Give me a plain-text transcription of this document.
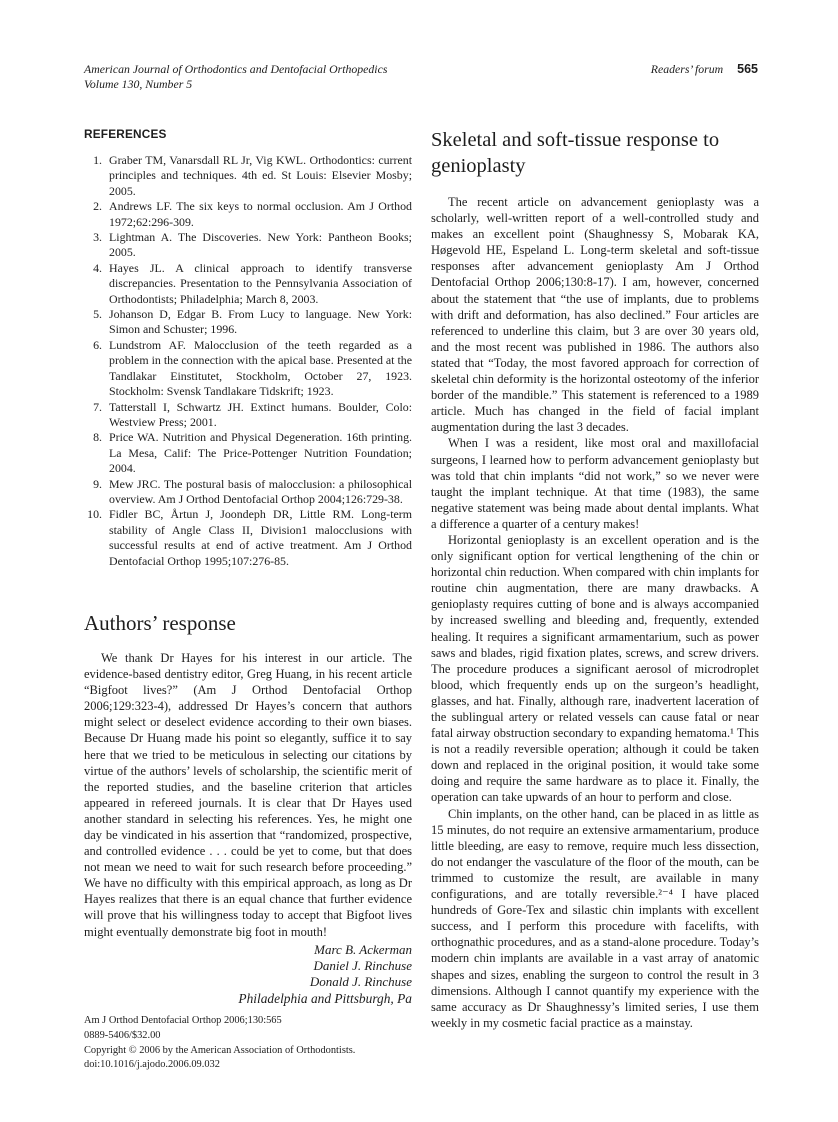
American Journal of Orthodontics and Dentofacial Orthopedics
Volume 130, Number 5
Readers’ forum 565
REFERENCES
1. Graber TM, Vanarsdall RL Jr, Vig KWL. Orthodontics: current principles and techniques. 4th ed. St Louis: Elsevier Mosby; 2005.
2. Andrews LF. The six keys to normal occlusion. Am J Orthod 1972;62:296-309.
3. Lightman A. The Discoveries. New York: Pantheon Books; 2005.
4. Hayes JL. A clinical approach to identify transverse discrepancies. Presentation to the Pennsylvania Association of Orthodontists; Philadelphia; March 8, 2003.
5. Johanson D, Edgar B. From Lucy to language. New York: Simon and Schuster; 1996.
6. Lundstrom AF. Malocclusion of the teeth regarded as a problem in the connection with the apical base. Presented at the Tandlakar Einstitutet, Stockholm, October 27, 1923. Stockholm: Svensk Tandlakare Tidskrift; 1923.
7. Tatterstall I, Schwartz JH. Extinct humans. Boulder, Colo: Westview Press; 2001.
8. Price WA. Nutrition and Physical Degeneration. 16th printing. La Mesa, Calif: The Price-Pottenger Nutrition Foundation; 2004.
9. Mew JRC. The postural basis of malocclusion: a philosophical overview. Am J Orthod Dentofacial Orthop 2004;126:729-38.
10. Fidler BC, Årtun J, Joondeph DR, Little RM. Long-term stability of Angle Class II, Division1 malocclusions with successful results at end of active treatment. Am J Orthod Dentofacial Orthop 1995;107:276-85.
Authors’ response

We thank Dr Hayes for his interest in our article. The evidence-based dentistry editor, Greg Huang, in his recent article “Bigfoot lives?” (Am J Orthod Dentofacial Orthop 2006;129:323-4), addressed Dr Hayes’s concern that authors might select or deselect evidence according to their own biases. Because Dr Huang made his point so elegantly, suffice it to say here that we tried to be meticulous in selecting our citations by virtue of the authors’ levels of scholarship, the scientific merit of the reported studies, and the baseline criterion that articles appeared in refereed journals. It is clear that Dr Hayes used another standard in selecting his references. Yes, he might one day be vindicated in his assertion that “randomized, prospective, and controlled evidence . . . could be yet to come, but that does not mean we need to wait for such research before proceeding.” We have no difficulty with this empirical approach, as long as Dr Hayes realizes that there is an equal chance that further evidence will prove that his willingness today to accept that Bigfoot lives might eventually demonstrate big foot in mouth!

Marc B. Ackerman
Daniel J. Rinchuse
Donald J. Rinchuse
Philadelphia and Pittsburgh, Pa
Am J Orthod Dentofacial Orthop 2006;130:565
0889-5406/$32.00
Copyright © 2006 by the American Association of Orthodontists.
doi:10.1016/j.ajodo.2006.09.032
Skeletal and soft-tissue response to genioplasty

The recent article on advancement genioplasty was a scholarly, well-written report of a well-controlled study and makes an excellent point (Shaughnessy S, Mobarak KA, Høgevold HE, Espeland L. Long-term skeletal and soft-tissue responses after advancement genioplasty Am J Orthod Dentofacial Orthop 2006;130:8-17). I am, however, concerned about the statement that “the use of implants, due to problems with drift and deformation, has also declined.” Four articles are referenced to underline this claim, but 3 are over 30 years old, and the most recent was published in 1986. The authors also stated that “Today, the most favored approach for correction of skeletal chin deformity is the horizontal osteotomy of the inferior border of the mandible.” This statement is referenced to a 1989 article. Much has changed in the field of facial implant augmentation during the last 3 decades.

When I was a resident, like most oral and maxillofacial surgeons, I learned how to perform advancement genioplasty but was told that chin implants “did not work,” so we never were taught the implant technique. At that time (1983), the same negative statement was being made about dental implants. What a difference a quarter of a century makes!

Horizontal genioplasty is an excellent operation and is the only significant option for vertical lengthening of the chin or horizontal chin reduction. When compared with chin implants for routine chin augmentation, there are many drawbacks. A genioplasty requires cutting of bone and is always accompanied by increased swelling and bleeding and, frequently, extended healing. It requires a significant armamentarium, such as power saws and blades, rigid fixation plates, screws, and screw drivers. The procedure produces a significant aerosol of microdroplet blood, which frequently ends up on the surgeon’s headlight, glasses, and hat. Finally, although rare, inadvertent laceration of the sublingual artery or related vessels can cause fatal or near fatal airway obstruction secondary to expanding hematoma.¹ This is not a readily reversible operation; although it could be taken down and replaced in the original position, it would take some doing and require the same hardware as to place it. Finally, the operation can take upwards of an hour to perform and close.

Chin implants, on the other hand, can be placed in as little as 15 minutes, do not require an extensive armamentarium, produce little bleeding, are easy to remove, require much less dissection, do not endanger the vasculature of the floor of the mouth, can be trimmed to customize the result, are available in many configurations, and are totally reversible.²⁻⁴ I have placed hundreds of Gore-Tex and silastic chin implants with excellent success, and I perform this procedure with facelifts, with orthognathic procedures, and as a stand-alone procedure. Today’s modern chin implants are available in a vast array of anatomic shapes and sizes, enabling the surgeon to control the result in 3 dimensions. Although I cannot quantify my experience with the same accuracy as Dr Shaughnessy’s limited series, I use them weekly in my cosmetic facial practice as a mainstay.
